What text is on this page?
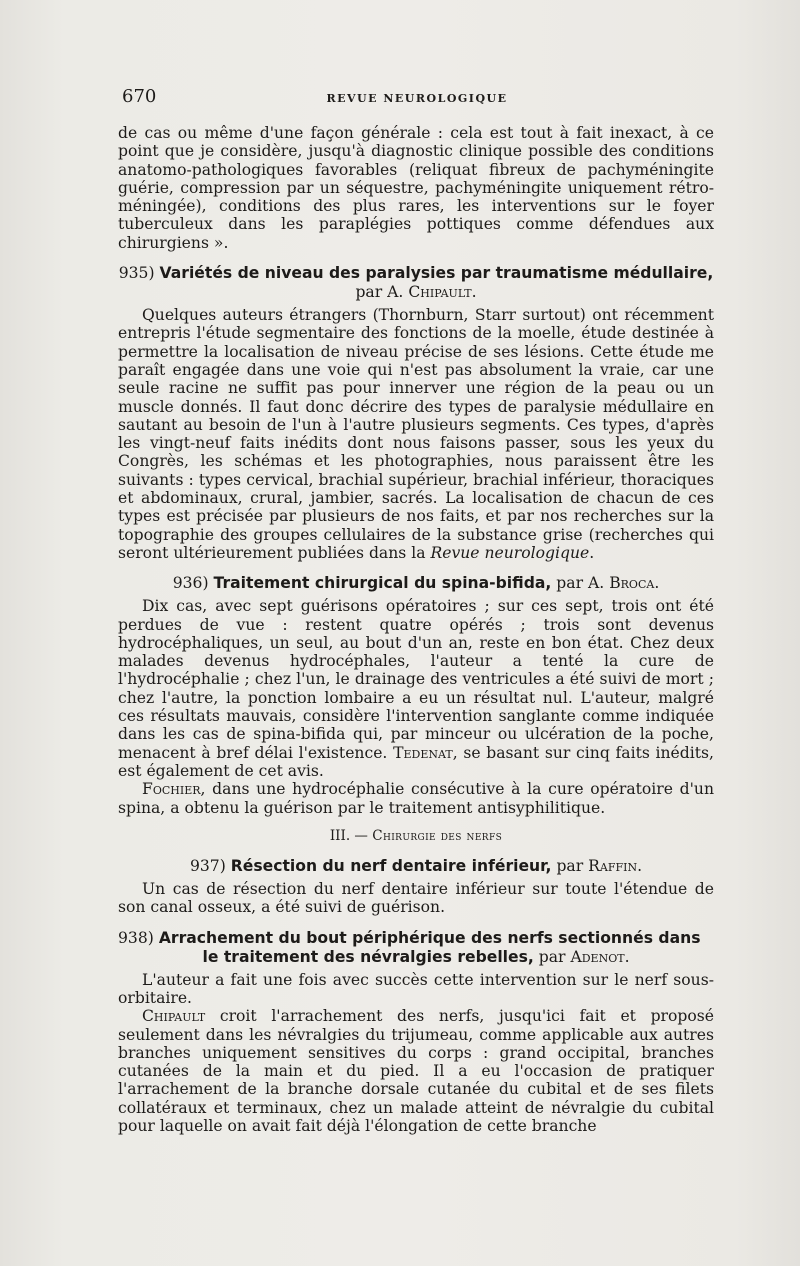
670	REVUE NEUROLOGIQUE

de cas ou même d'une façon générale : cela est tout à fait inexact, à ce point que je considère, jusqu'à diagnostic clinique possible des conditions anatomo-pathologiques favorables (reliquat fibreux de pachyméningite guérie, compression par un séquestre, pachyméningite uniquement rétro-méningée), conditions des plus rares, les interventions sur le foyer tuberculeux dans les paraplégies pottiques comme défendues aux chirurgiens ».

935) Variétés de niveau des paralysies par traumatisme médullaire,
par A. Chipault.

Quelques auteurs étrangers (Thornburn, Starr surtout) ont récemment entrepris l'étude segmentaire des fonctions de la moelle, étude destinée à permettre la localisation de niveau précise de ses lésions. Cette étude me paraît engagée dans une voie qui n'est pas absolument la vraie, car une seule racine ne suffit pas pour innerver une région de la peau ou un muscle donnés. Il faut donc décrire des types de paralysie médullaire en sautant au besoin de l'un à l'autre plusieurs segments. Ces types, d'après les vingt-neuf faits inédits dont nous faisons passer, sous les yeux du Congrès, les schémas et les photographies, nous paraissent être les suivants : types cervical, brachial supérieur, brachial inférieur, thoraciques et abdominaux, crural, jambier, sacrés. La localisation de chacun de ces types est précisée par plusieurs de nos faits, et par nos recherches sur la topographie des groupes cellulaires de la substance grise (recherches qui seront ultérieurement publiées dans la Revue neurologique.

936) Traitement chirurgical du spina-bifida, par A. Broca.

Dix cas, avec sept guérisons opératoires ; sur ces sept, trois ont été perdues de vue : restent quatre opérés ; trois sont devenus hydrocéphaliques, un seul, au bout d'un an, reste en bon état. Chez deux malades devenus hydrocéphales, l'auteur a tenté la cure de l'hydrocéphalie ; chez l'un, le drainage des ventricules a été suivi de mort ; chez l'autre, la ponction lombaire a eu un résultat nul. L'auteur, malgré ces résultats mauvais, considère l'intervention sanglante comme indiquée dans les cas de spina-bifida qui, par minceur ou ulcération de la poche, menacent à bref délai l'existence. Tedenat, se basant sur cinq faits inédits, est également de cet avis.

Fochier, dans une hydrocéphalie consécutive à la cure opératoire d'un spina, a obtenu la guérison par le traitement antisyphilitique.

III. — Chirurgie des nerfs
937) Résection du nerf dentaire inférieur, par Raffin.

Un cas de résection du nerf dentaire inférieur sur toute l'étendue de son canal osseux, a été suivi de guérison.

938) Arrachement du bout périphérique des nerfs sectionnés dans
le traitement des névralgies rebelles, par Adenot.

L'auteur a fait une fois avec succès cette intervention sur le nerf sous-orbitaire.

Chipault croit l'arrachement des nerfs, jusqu'ici fait et proposé seulement dans les névralgies du trijumeau, comme applicable aux autres branches uniquement sensitives du corps : grand occipital, branches cutanées de la main et du pied. Il a eu l'occasion de pratiquer l'arrachement de la branche dorsale cutanée du cubital et de ses filets collatéraux et terminaux, chez un malade atteint de névralgie du cubital pour laquelle on avait fait déjà l'élongation de cette branche
